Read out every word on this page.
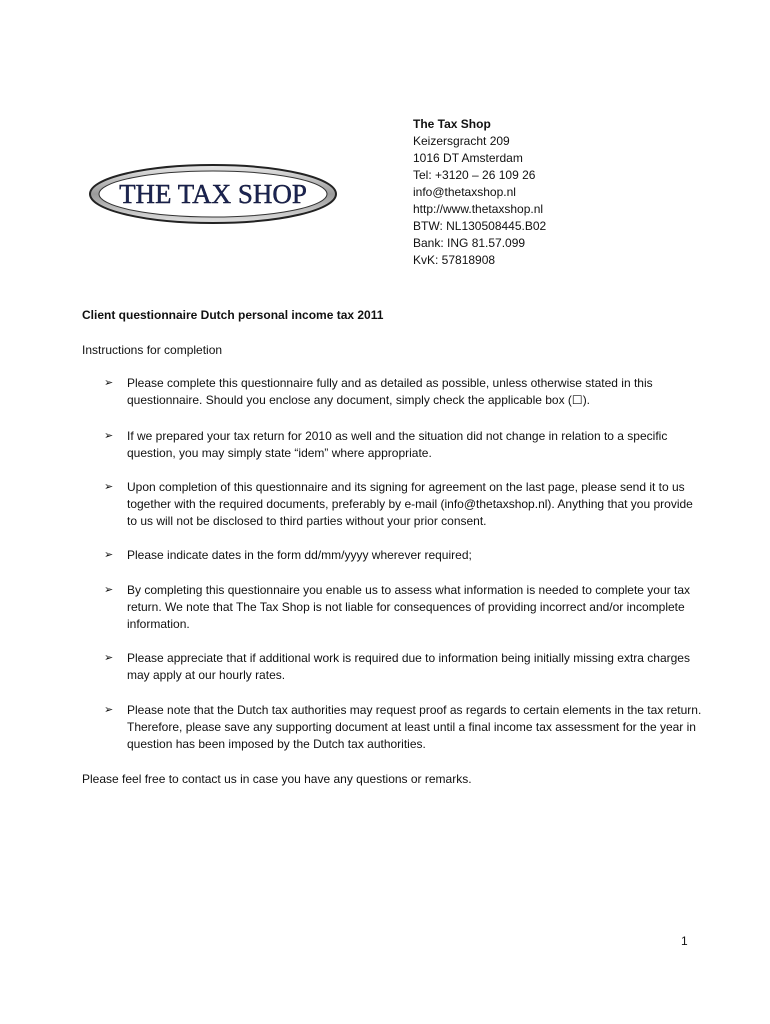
THE TAX SHOP
The Tax Shop
Keizersgracht 209
1016 DT Amsterdam
Tel: +3120 – 26 109 26
info@thetaxshop.nl
http://www.thetaxshop.nl
BTW: NL130508445.B02
Bank: ING 81.57.099
KvK: 57818908
Client questionnaire Dutch personal income tax 2011
Instructions for completion
➢ Please complete this questionnaire fully and as detailed as possible, unless otherwise stated in this questionnaire. Should you enclose any document, simply check the applicable box (☐).
➢ If we prepared your tax return for 2010 as well and the situation did not change in relation to a specific question, you may simply state “idem” where appropriate.
➢ Upon completion of this questionnaire and its signing for agreement on the last page, please send it to us together with the required documents, preferably by e-mail (info@thetaxshop.nl). Anything that you provide to us will not be disclosed to third parties without your prior consent.
➢ Please indicate dates in the form dd/mm/yyyy wherever required;
➢ By completing this questionnaire you enable us to assess what information is needed to complete your tax return. We note that The Tax Shop is not liable for consequences of providing incorrect and/or incomplete information.
➢ Please appreciate that if additional work is required due to information being initially missing extra charges may apply at our hourly rates.
➢ Please note that the Dutch tax authorities may request proof as regards to certain elements in the tax return. Therefore, please save any supporting document at least until a final income tax assessment for the year in question has been imposed by the Dutch tax authorities.
Please feel free to contact us in case you have any questions or remarks.
1
